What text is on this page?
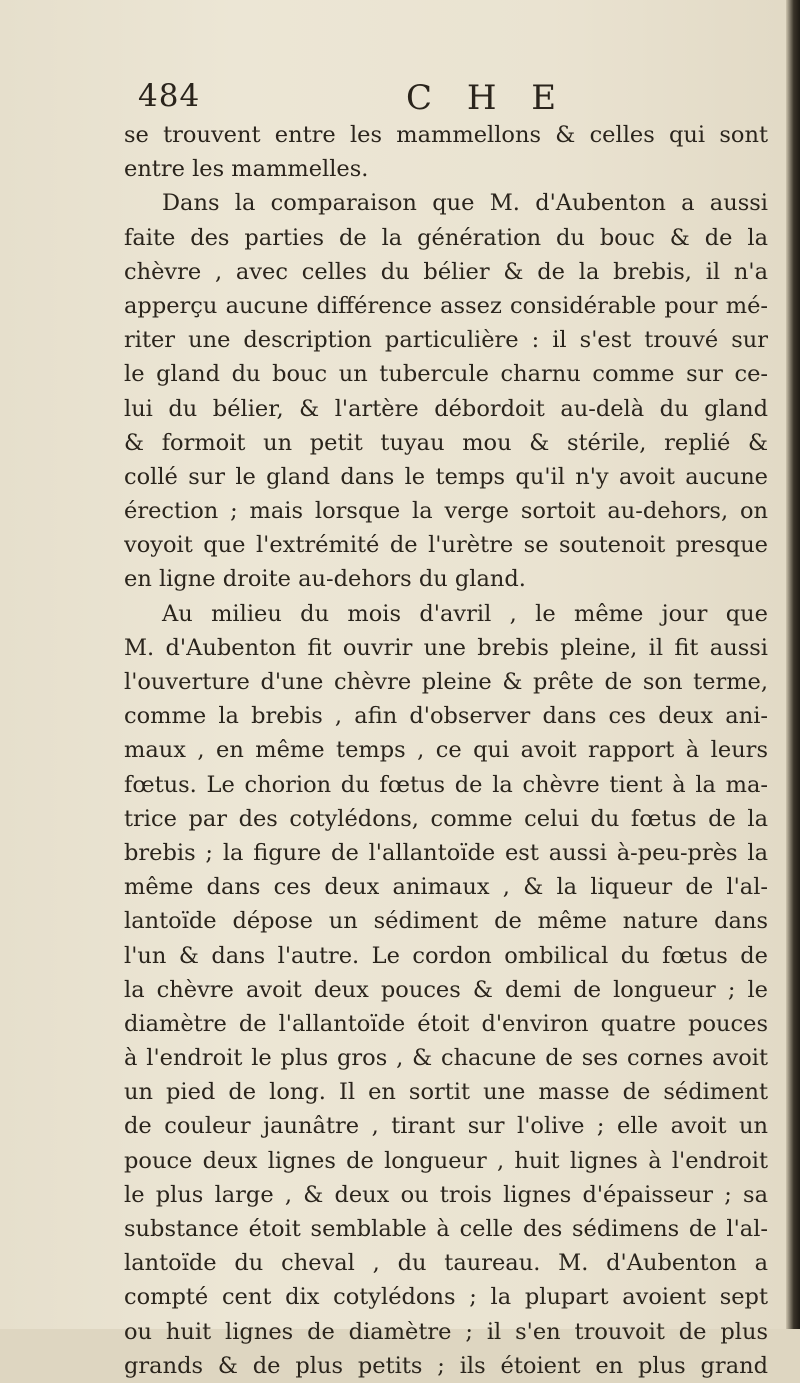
484	C H E
se trouvent entre les mammellons & celles qui sont
entre les mammelles.
Dans la comparaison que M. d'Aubenton a aussi
faite des parties de la génération du bouc & de la
chèvre , avec celles du bélier & de la brebis, il n'a
apperçu aucune différence assez considérable pour mé-
riter une description particulière : il s'est trouvé sur
le gland du bouc un tubercule charnu comme sur ce-
lui du bélier, & l'artère débordoit au-delà du gland
& formoit un petit tuyau mou & stérile, replié &
collé sur le gland dans le temps qu'il n'y avoit aucune
érection ; mais lorsque la verge sortoit au-dehors, on
voyoit que l'extrémité de l'urètre se soutenoit presque
en ligne droite au-dehors du gland.
Au milieu du mois d'avril , le même jour que
M. d'Aubenton fit ouvrir une brebis pleine, il fit aussi
l'ouverture d'une chèvre pleine & prête de son terme,
comme la brebis , afin d'observer dans ces deux ani-
maux , en même temps , ce qui avoit rapport à leurs
fœtus. Le chorion du fœtus de la chèvre tient à la ma-
trice par des cotylédons, comme celui du fœtus de la
brebis ; la figure de l'allantoïde est aussi à-peu-près la
même dans ces deux animaux , & la liqueur de l'al-
lantoïde dépose un sédiment de même nature dans
l'un & dans l'autre. Le cordon ombilical du fœtus de
la chèvre avoit deux pouces & demi de longueur ; le
diamètre de l'allantoïde étoit d'environ quatre pouces
à l'endroit le plus gros , & chacune de ses cornes avoit
un pied de long. Il en sortit une masse de sédiment
de couleur jaunâtre , tirant sur l'olive ; elle avoit un
pouce deux lignes de longueur , huit lignes à l'endroit
le plus large , & deux ou trois lignes d'épaisseur ; sa
substance étoit semblable à celle des sédimens de l'al-
lantoïde du cheval , du taureau. M. d'Aubenton a
compté cent dix cotylédons ; la plupart avoient sept
ou huit lignes de diamètre ; il s'en trouvoit de plus
grands & de plus petits ; ils étoient en plus grand
